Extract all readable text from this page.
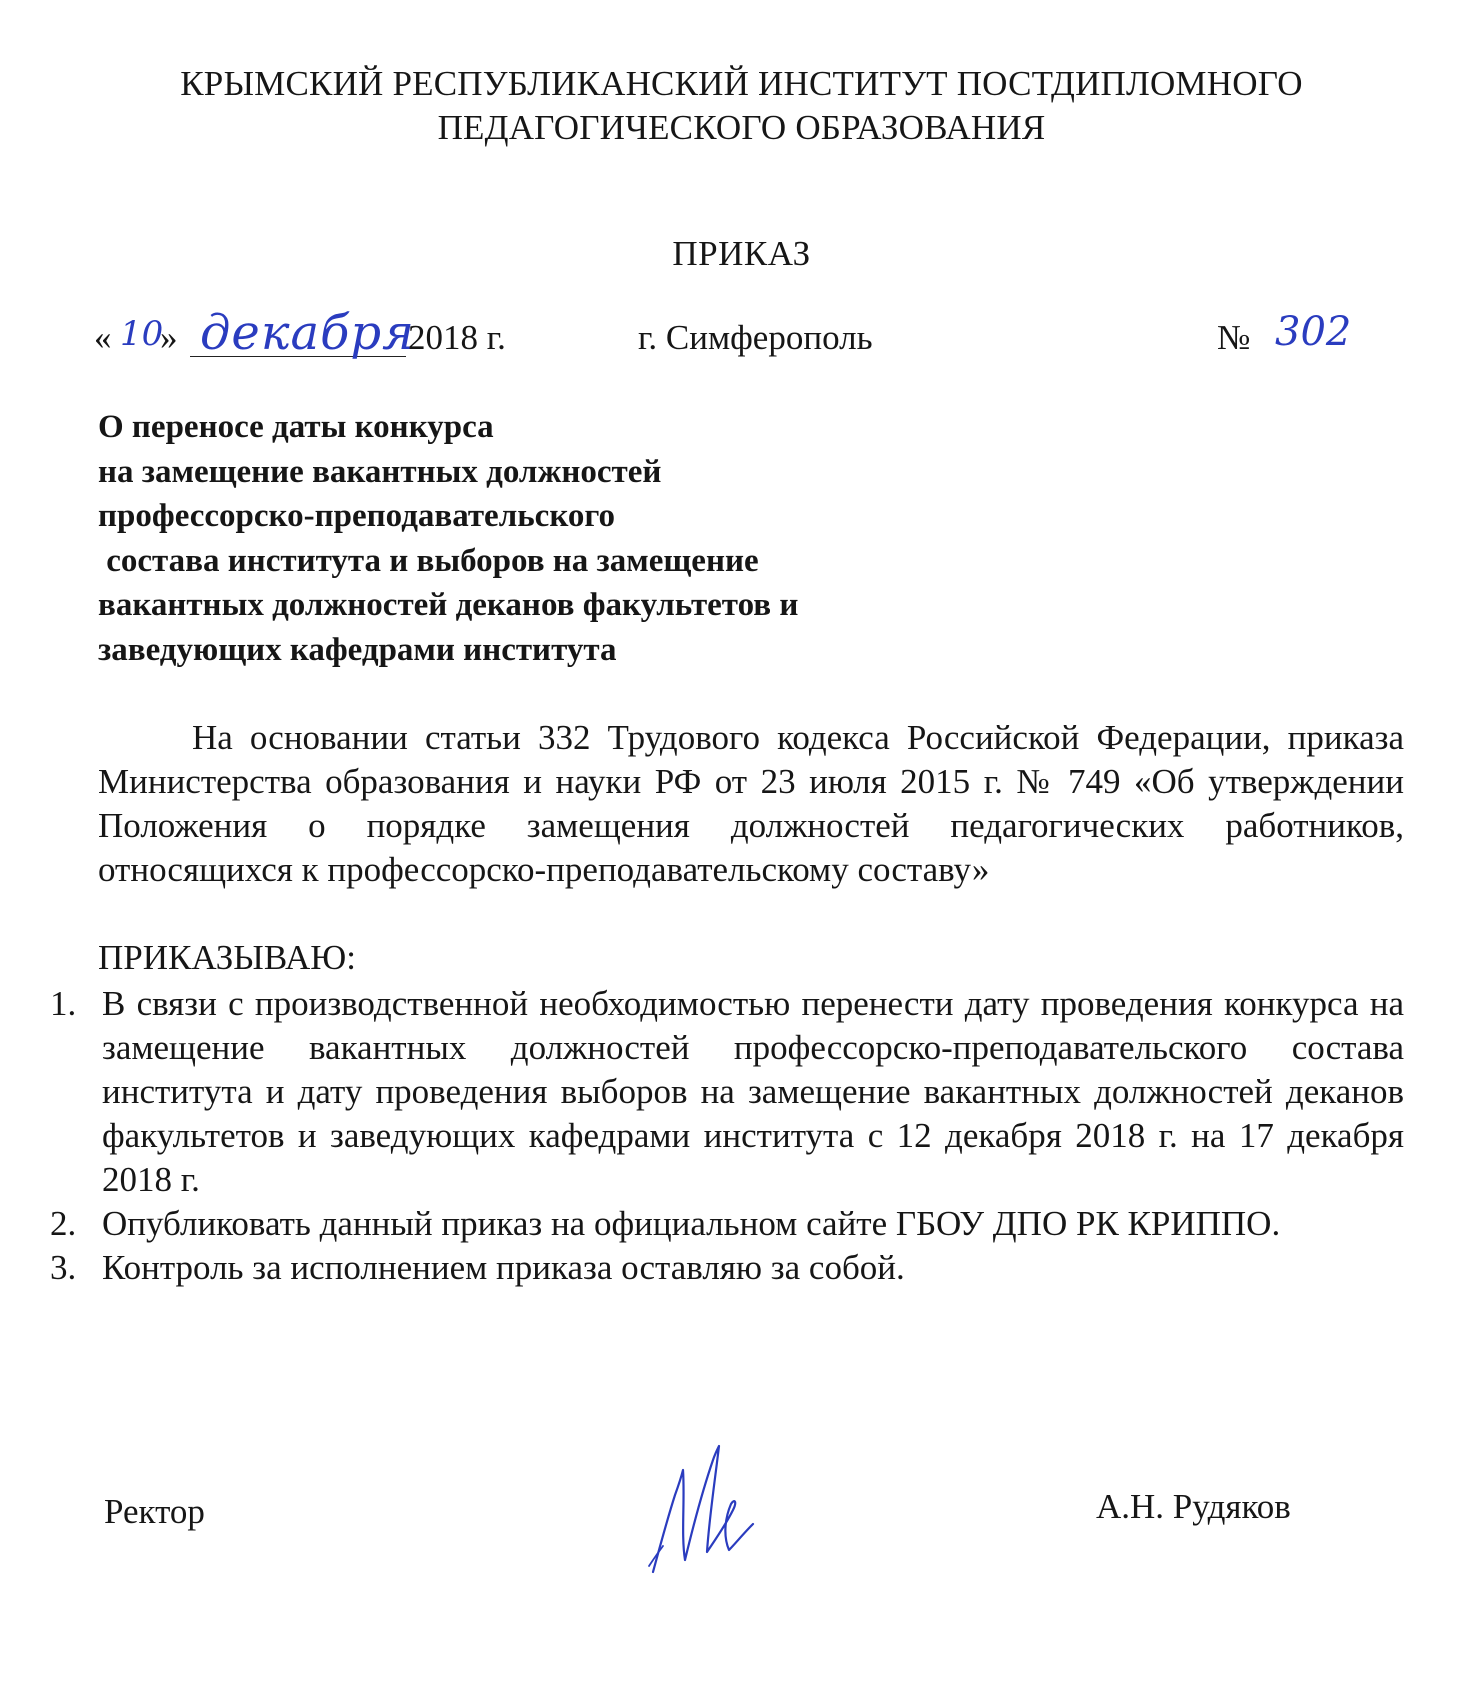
КРЫМСКИЙ РЕСПУБЛИКАНСКИЙ ИНСТИТУТ ПОСТДИПЛОМНОГО
ПЕДАГОГИЧЕСКОГО ОБРАЗОВАНИЯ
ПРИКАЗ
« 10
» декабря
2018 г.	г. Симферополь	№ 302
О переносе даты конкурса
на замещение вакантных должностей
профессорско-преподавательского
состава института и выборов на замещение
вакантных должностей деканов факультетов и
заведующих кафедрами института

На основании статьи 332 Трудового кодекса Российской Федерации, приказа Министерства образования и науки РФ от 23 июля 2015 г. № 749 «Об утверждении Положения о порядке замещения должностей педагогических работников, относящихся к профессорско-преподавательскому составу»

ПРИКАЗЫВАЮ:
1. В связи с производственной необходимостью перенести дату проведения конкурса на замещение вакантных должностей профессорско-преподавательского состава института и дату проведения выборов на замещение вакантных должностей деканов факультетов и заведующих кафедрами института с 12 декабря 2018 г. на 17 декабря 2018 г.
2. Опубликовать данный приказ на официальном сайте ГБОУ ДПО РК КРИППО.
3. Контроль за исполнением приказа оставляю за собой.
Ректор	А.Н. Рудяков
